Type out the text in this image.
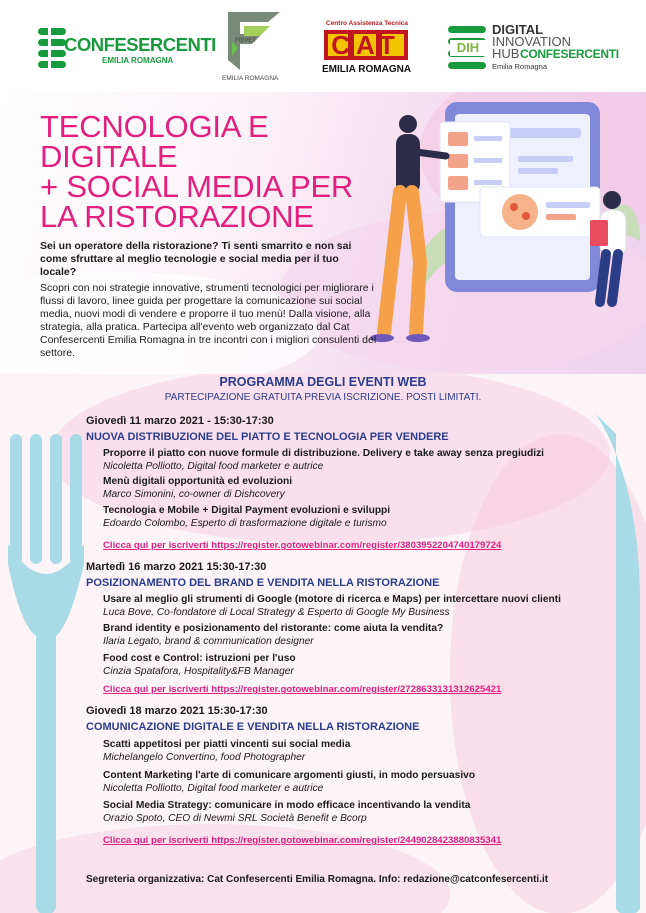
CONFESERCENTI
EMILIA ROMAGNA
FIEPET
EMILIA ROMAGNA
Centro Assistenza Tecnica
CAT
EMILIA ROMAGNA
DIH
DIGITAL
INNOVATION
HUB CONFESERCENTI
Emilia Romagna
TECNOLOGIA E
DIGITALE
+ SOCIAL MEDIA PER
LA RISTORAZIONE
Sei un operatore della ristorazione? Ti senti smarrito e non sai come sfruttare al meglio tecnologie e social media per il tuo locale?
Scopri con noi strategie innovative, strumenti tecnologici per migliorare i flussi di lavoro, linee guida per progettare la comunicazione sui social media, nuovi modi di vendere e proporre il tuo menù! Dalla visione, alla strategia, alla pratica. Partecipa all'evento web organizzato dal Cat Confesercenti Emilia Romagna in tre incontri con i migliori consulenti del settore.
PROGRAMMA DEGLI EVENTI WEB
PARTECIPAZIONE GRATUITA PREVIA ISCRIZIONE. POSTI LIMITATI.
Giovedì 11 marzo 2021 - 15:30-17:30
NUOVA DISTRIBUZIONE DEL PIATTO E TECNOLOGIA PER VENDERE
Proporre il piatto con nuove formule di distribuzione. Delivery e take away senza pregiudizi
Nicoletta Polliotto, Digital food marketer e autrice
Menù digitali opportunità ed evoluzioni
Marco Simonini, co-owner di Dishcovery
Tecnologia e Mobile + Digital Payment evoluzioni e sviluppi
Edoardo Colombo, Esperto di trasformazione digitale e turismo
Clicca qui per iscriverti https://register.gotowebinar.com/register/3803952204740179724
Martedì 16 marzo 2021 15:30-17:30
POSIZIONAMENTO DEL BRAND E VENDITA NELLA RISTORAZIONE
Usare al meglio gli strumenti di Google (motore di ricerca e Maps) per intercettare nuovi clienti
Luca Bove, Co-fondatore di Local Strategy & Esperto di Google My Business
Brand identity e posizionamento del ristorante: come aiuta la vendita?
Ilaria Legato, brand & communication designer
Food cost e Control: istruzioni per l'uso
Cinzia Spatafora, Hospitality&FB Manager
Clicca qui per iscriverti https://register.gotowebinar.com/register/2728633131312625421
Giovedì 18 marzo 2021 15:30-17:30
COMUNICAZIONE DIGITALE E VENDITA NELLA RISTORAZIONE
Scatti appetitosi per piatti vincenti sui social media
Michelangelo Convertino, food Photographer
Content Marketing l'arte di comunicare argomenti giusti, in modo persuasivo
Nicoletta Polliotto, Digital food marketer e autrice
Social Media Strategy: comunicare in modo efficace incentivando la vendita
Orazio Spoto, CEO di Newmi SRL Società Benefit e Bcorp
Clicca qui per iscriverti https://register.gotowebinar.com/register/2449028423880835341
Segreteria organizzativa: Cat Confesercenti Emilia Romagna. Info: redazione@catconfesercenti.it
